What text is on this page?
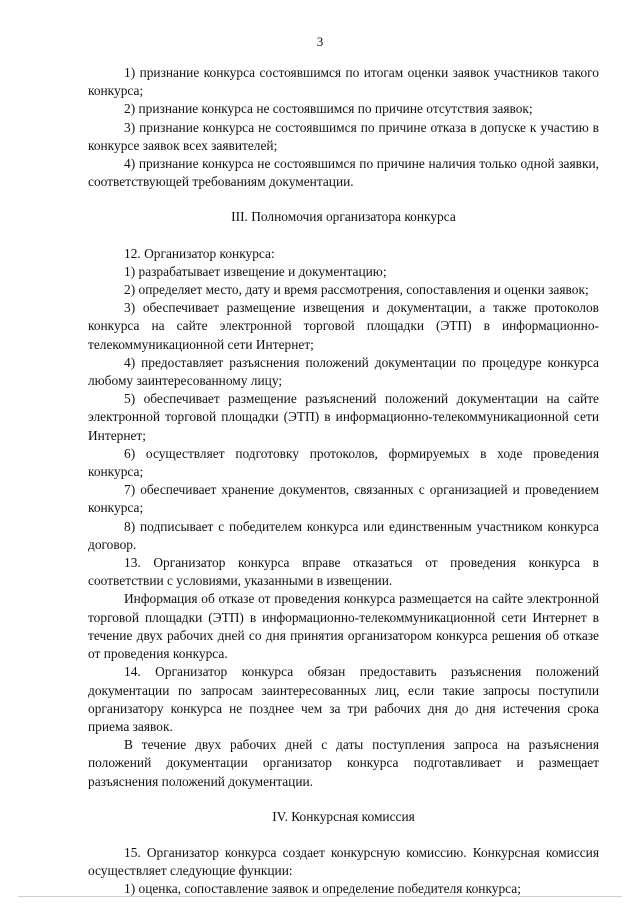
3

1) признание конкурса состоявшимся по итогам оценки заявок участников такого конкурса;

2) признание конкурса не состоявшимся по причине отсутствия заявок;

3) признание конкурса не состоявшимся по причине отказа в допуске к участию в конкурсе заявок всех заявителей;

4) признание конкурса не состоявшимся по причине наличия только одной заявки, соответствующей требованиям документации.

III. Полномочия организатора конкурса

12. Организатор конкурса:

1) разрабатывает извещение и документацию;

2) определяет место, дату и время рассмотрения, сопоставления и оценки заявок;

3) обеспечивает размещение извещения и документации, а также протоколов конкурса на сайте электронной торговой площадки (ЭТП) в информационно-телекоммуникационной сети Интернет;

4) предоставляет разъяснения положений документации по процедуре конкурса любому заинтересованному лицу;

5) обеспечивает размещение разъяснений положений документации на сайте электронной торговой площадки (ЭТП) в информационно-телекоммуникационной сети Интернет;

6) осуществляет подготовку протоколов, формируемых в ходе проведения конкурса;

7) обеспечивает хранение документов, связанных с организацией и проведением конкурса;

8) подписывает с победителем конкурса или единственным участником конкурса договор.

13. Организатор конкурса вправе отказаться от проведения конкурса в соответствии с условиями, указанными в извещении.

Информация об отказе от проведения конкурса размещается на сайте электронной торговой площадки (ЭТП) в информационно-телекоммуникационной сети Интернет в течение двух рабочих дней со дня принятия организатором конкурса решения об отказе от проведения конкурса.

14. Организатор конкурса обязан предоставить разъяснения положений документации по запросам заинтересованных лиц, если такие запросы поступили организатору конкурса не позднее чем за три рабочих дня до дня истечения срока приема заявок.

В течение двух рабочих дней с даты поступления запроса на разъяснения положений документации организатор конкурса подготавливает и размещает разъяснения положений документации.

IV. Конкурсная комиссия

15. Организатор конкурса создает конкурсную комиссию. Конкурсная комиссия осуществляет следующие функции:

1) оценка, сопоставление заявок и определение победителя конкурса;
